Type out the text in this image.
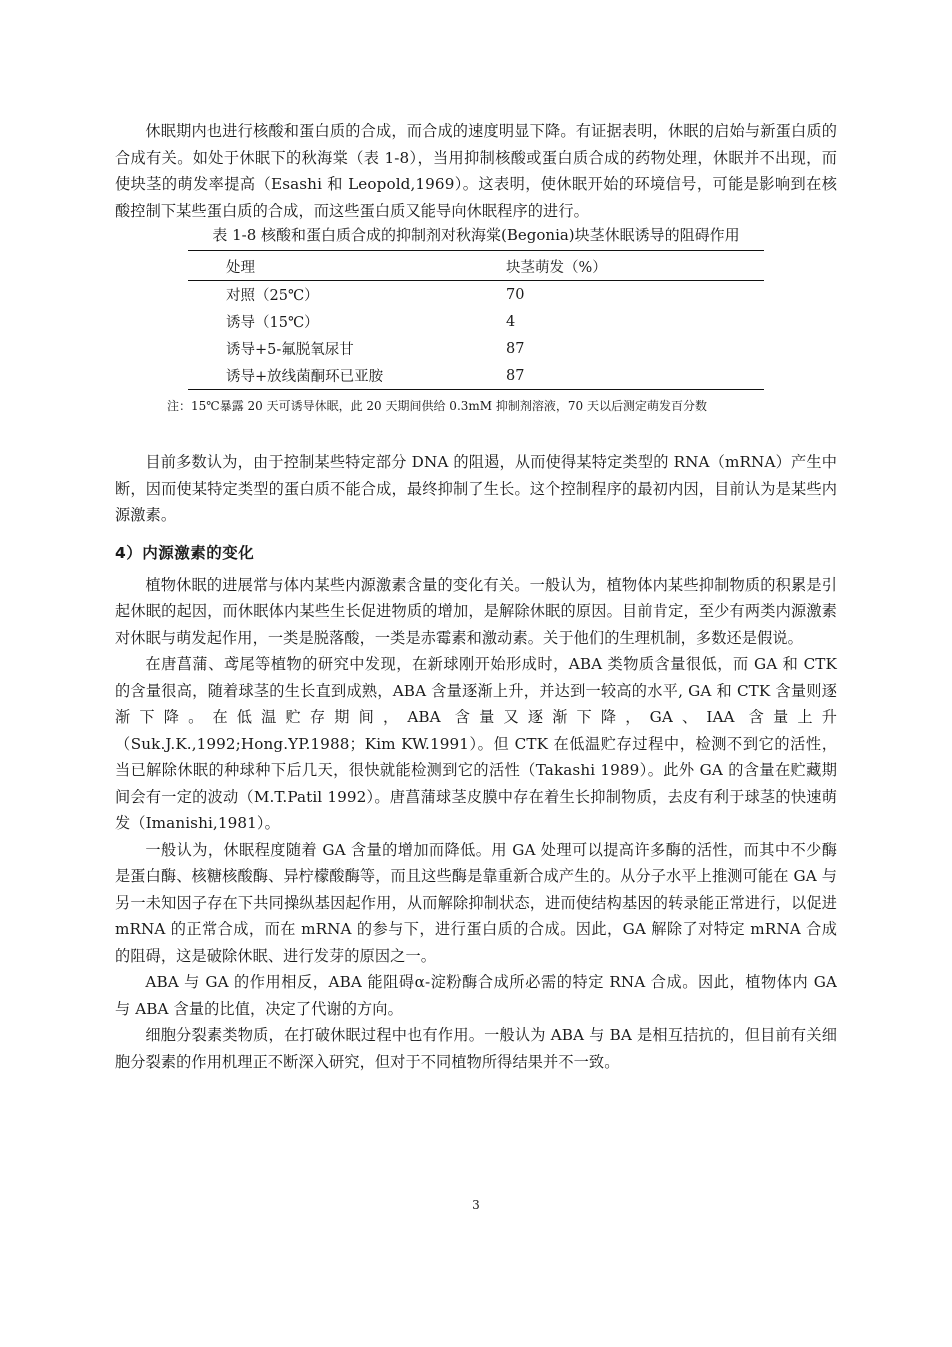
休眠期内也进行核酸和蛋白质的合成，而合成的速度明显下降。有证据表明，休眠的启始与新蛋白质的合成有关。如处于休眠下的秋海棠（表 1-8），当用抑制核酸或蛋白质合成的药物处理，休眠并不出现，而使块茎的萌发率提高（Esashi 和 Leopold,1969）。这表明，使休眠开始的环境信号，可能是影响到在核酸控制下某些蛋白质的合成，而这些蛋白质又能导向休眠程序的进行。

表 1-8 核酸和蛋白质合成的抑制剂对秋海棠(Begonia)块茎休眠诱导的阻碍作用
处理	块茎萌发（%）
对照（25℃）	70
诱导（15℃）	4
诱导+5-氟脱氧尿甘	87
诱导+放线菌酮环已亚胺	87
注：15℃暴露 20 天可诱导休眠，此 20 天期间供给 0.3mM 抑制剂溶液，70 天以后测定萌发百分数

目前多数认为，由于控制某些特定部分 DNA 的阻遏，从而使得某特定类型的 RNA（mRNA）产生中断，因而使某特定类型的蛋白质不能合成，最终抑制了生长。这个控制程序的最初内因，目前认为是某些内源激素。

4）内源激素的变化

植物休眠的进展常与体内某些内源激素含量的变化有关。一般认为，植物体内某些抑制物质的积累是引起休眠的起因，而休眠体内某些生长促进物质的增加，是解除休眠的原因。目前肯定，至少有两类内源激素对休眠与萌发起作用，一类是脱落酸，一类是赤霉素和激动素。关于他们的生理机制，多数还是假说。

在唐菖蒲、鸢尾等植物的研究中发现，在新球刚开始形成时，ABA 类物质含量很低，而 GA 和 CTK 的含量很高，随着球茎的生长直到成熟，ABA 含量逐渐上升，并达到一较高的水平, GA 和 CTK 含量则逐渐下降。在低温贮存期间，ABA 含量又逐渐下降，GA、IAA 含量上升（Suk.J.K.,1992;Hong.YP.1988；Kim KW.1991）。但 CTK 在低温贮存过程中，检测不到它的活性，当已解除休眠的种球种下后几天，很快就能检测到它的活性（Takashi 1989）。此外 GA 的含量在贮藏期间会有一定的波动（M.T.Patil 1992）。唐菖蒲球茎皮膜中存在着生长抑制物质，去皮有利于球茎的快速萌发（Imanishi,1981）。

一般认为，休眠程度随着 GA 含量的增加而降低。用 GA 处理可以提高许多酶的活性，而其中不少酶是蛋白酶、核糖核酸酶、异柠檬酸酶等，而且这些酶是靠重新合成产生的。从分子水平上推测可能在 GA 与另一未知因子存在下共同操纵基因起作用，从而解除抑制状态，进而使结构基因的转录能正常进行，以促进 mRNA 的正常合成，而在 mRNA 的参与下，进行蛋白质的合成。因此，GA 解除了对特定 mRNA 合成的阻碍，这是破除休眠、进行发芽的原因之一。

ABA 与 GA 的作用相反，ABA 能阻碍α-淀粉酶合成所必需的特定 RNA 合成。因此，植物体内 GA 与 ABA 含量的比值，决定了代谢的方向。

细胞分裂素类物质，在打破休眠过程中也有作用。一般认为 ABA 与 BA 是相互拮抗的，但目前有关细胞分裂素的作用机理正不断深入研究，但对于不同植物所得结果并不一致。

3
